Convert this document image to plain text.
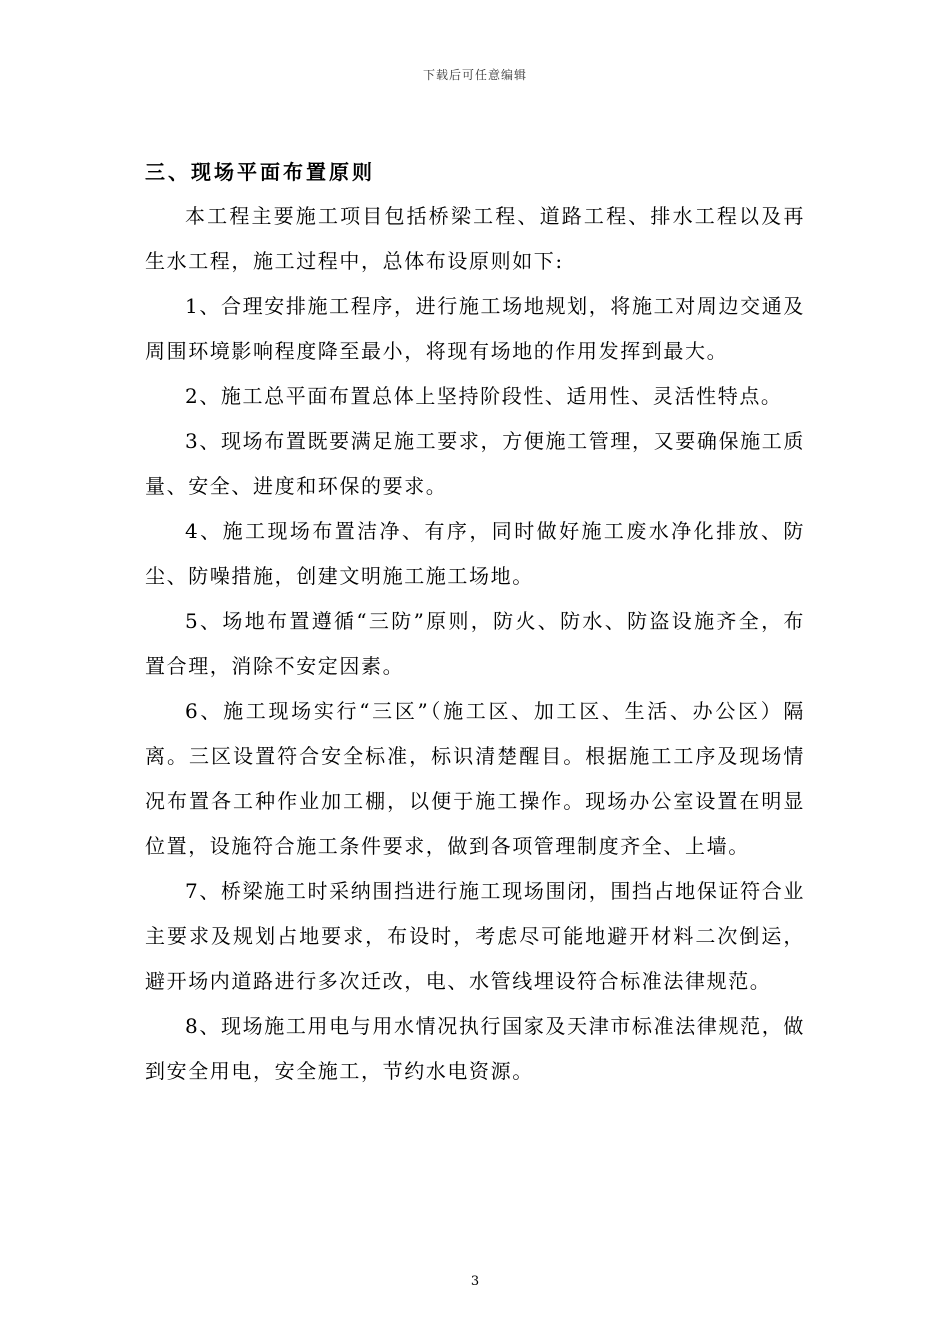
下载后可任意编辑
三、现场平面布置原则

本工程主要施工项目包括桥梁工程、道路工程、排水工程以及再生水工程，施工过程中，总体布设原则如下:

1、合理安排施工程序，进行施工场地规划，将施工对周边交通及周围环境影响程度降至最小，将现有场地的作用发挥到最大。

2、施工总平面布置总体上坚持阶段性、适用性、灵活性特点。

3、现场布置既要满足施工要求，方便施工管理，又要确保施工质量、安全、进度和环保的要求。

4、施工现场布置洁净、有序，同时做好施工废水净化排放、防尘、防噪措施，创建文明施工施工场地。

5、场地布置遵循“三防”原则，防火、防水、防盗设施齐全，布置合理，消除不安定因素。

6、施工现场实行“三区”（施工区、加工区、生活、办公区）隔离。三区设置符合安全标准，标识清楚醒目。根据施工工序及现场情况布置各工种作业加工棚，以便于施工操作。现场办公室设置在明显位置，设施符合施工条件要求，做到各项管理制度齐全、上墙。

7、桥梁施工时采纳围挡进行施工现场围闭，围挡占地保证符合业主要求及规划占地要求，布设时，考虑尽可能地避开材料二次倒运，避开场内道路进行多次迁改，电、水管线埋设符合标准法律规范。

8、现场施工用电与用水情况执行国家及天津市标准法律规范，做到安全用电，安全施工，节约水电资源。

3
